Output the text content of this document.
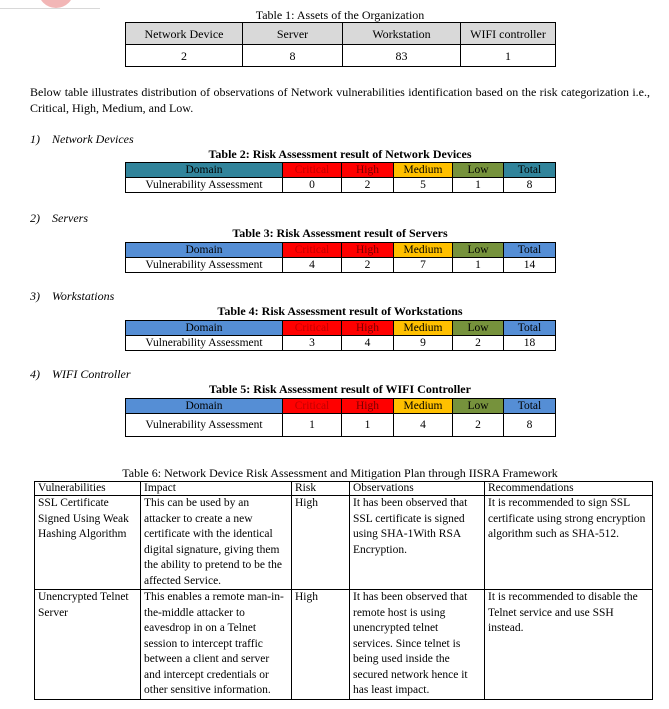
Table 1: Assets of the Organization
Network Device	Server	Workstation	WIFI controller
2	8	83	1
Below table illustrates distribution of observations of Network vulnerabilities identification based on the risk categorization i.e., Critical, High, Medium, and Low.
1) Network Devices
Table 2: Risk Assessment result of Network Devices
Domain	Critical	High	Medium	Low	Total
Vulnerability Assessment	0	2	5	1	8
2) Servers
Table 3: Risk Assessment result of Servers
Domain	Critical	High	Medium	Low	Total
Vulnerability Assessment	4	2	7	1	14
3) Workstations
Table 4: Risk Assessment result of Workstations
Domain	Critical	High	Medium	Low	Total
Vulnerability Assessment	3	4	9	2	18
4) WIFI Controller
Table 5: Risk Assessment result of WIFI Controller
Domain	Critical	High	Medium	Low	Total
Vulnerability Assessment	1	1	4	2	8
Table 6: Network Device Risk Assessment and Mitigation Plan through IISRA Framework
Vulnerabilities	Impact	Risk	Observations	Recommendations
SSL Certificate Signed Using Weak Hashing Algorithm	This can be used by an attacker to create a new certificate with the identical digital signature, giving them the ability to pretend to be the affected Service.	High	It has been observed that SSL certificate is signed using SHA-1With RSA Encryption.	It is recommended to sign SSL certificate using strong encryption algorithm such as SHA-512.
Unencrypted Telnet Server	This enables a remote man-in-the-middle attacker to eavesdrop in on a Telnet session to intercept traffic between a client and server and intercept credentials or other sensitive information.	High	It has been observed that remote host is using unencrypted telnet services. Since telnet is being used inside the secured network hence it has least impact.	It is recommended to disable the Telnet service and use SSH instead.
